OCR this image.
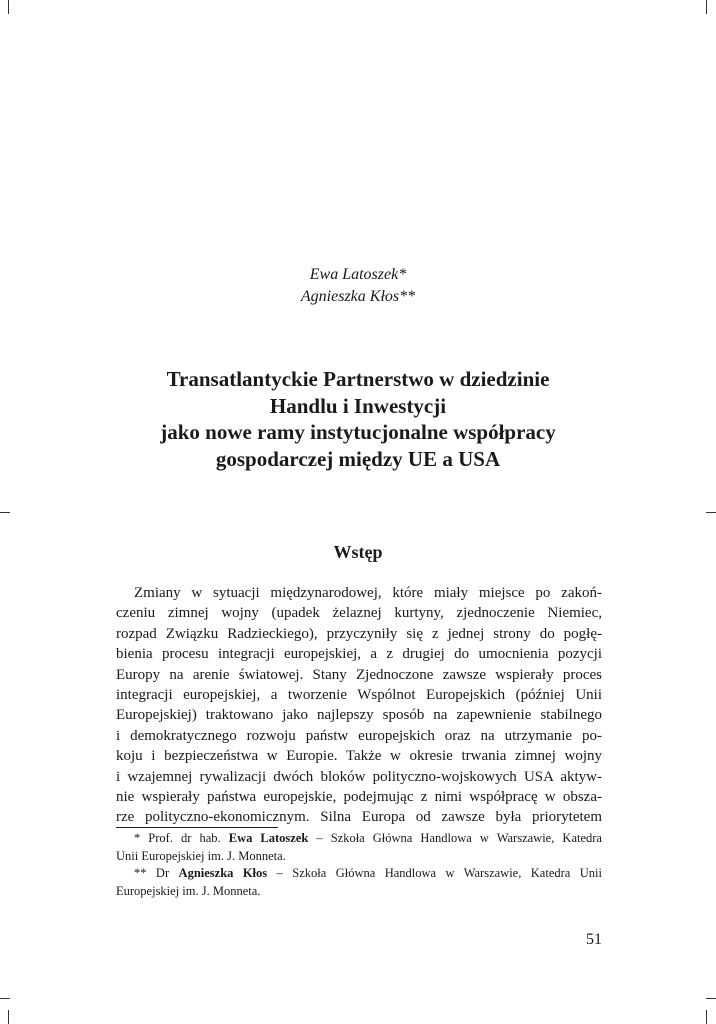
Ewa Latoszek*
Agnieszka Kłos**
Transatlantyckie Partnerstwo w dziedzinie
Handlu i Inwestycji
jako nowe ramy instytucjonalne współpracy
gospodarczej między UE a USA
Wstęp
Zmiany w sytuacji międzynarodowej, które miały miejsce po zakoń-
czeniu zimnej wojny (upadek żelaznej kurtyny, zjednoczenie Niemiec,
rozpad Związku Radzieckiego), przyczyniły się z jednej strony do pogłę-
bienia procesu integracji europejskiej, a z drugiej do umocnienia pozycji
Europy na arenie światowej. Stany Zjednoczone zawsze wspierały proces
integracji europejskiej, a tworzenie Wspólnot Europejskich (później Unii
Europejskiej) traktowano jako najlepszy sposób na zapewnienie stabilnego
i demokratycznego rozwoju państw europejskich oraz na utrzymanie po-
koju i bezpieczeństwa w Europie. Także w okresie trwania zimnej wojny
i wzajemnej rywalizacji dwóch bloków polityczno-wojskowych USA aktyw-
nie wspierały państwa europejskie, podejmując z nimi współpracę w obsza-
rze polityczno-ekonomicznym. Silna Europa od zawsze była priorytetem
* Prof. dr hab. Ewa Latoszek – Szkoła Główna Handlowa w Warszawie, Katedra
Unii Europejskiej im. J. Monneta.
** Dr Agnieszka Kłos – Szkoła Główna Handlowa w Warszawie, Katedra Unii
Europejskiej im. J. Monneta.
51
